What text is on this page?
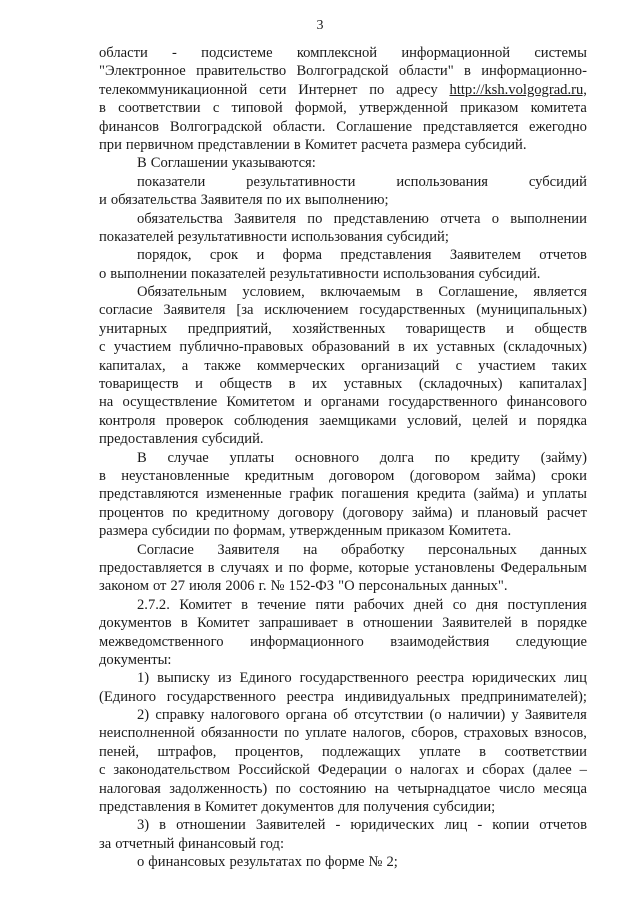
3
области - подсистеме комплексной информационной системы
"Электронное правительство Волгоградской области" в информационно-
телекоммуникационной сети Интернет по адресу http://ksh.volgograd.ru,
в соответствии с типовой формой, утвержденной приказом комитета
финансов Волгоградской области. Соглашение представляется ежегодно
при первичном представлении в Комитет расчета размера субсидий.
В Соглашении указываются:
показатели	результативности	использования	субсидий
и обязательства Заявителя по их выполнению;
обязательства Заявителя по представлению отчета о выполнении
показателей результативности использования субсидий;
порядок, срок и форма представления Заявителем отчетов
о выполнении показателей результативности использования субсидий.
Обязательным условием, включаемым в Соглашение, является
согласие Заявителя [за исключением государственных (муниципальных)
унитарных предприятий, хозяйственных товариществ и обществ
с участием публично-правовых образований в их уставных (складочных)
капиталах, а также коммерческих организаций с участием таких
товариществ и обществ в их уставных (складочных) капиталах]
на осуществление Комитетом и органами государственного финансового
контроля проверок соблюдения заемщиками условий, целей и порядка
предоставления субсидий.
В случае уплаты основного долга по кредиту (займу)
в неустановленные кредитным договором (договором займа) сроки
представляются измененные график погашения кредита (займа) и уплаты
процентов по кредитному договору (договору займа) и плановый расчет
размера субсидии по формам, утвержденным приказом Комитета.
Согласие Заявителя на обработку персональных данных
предоставляется в случаях и по форме, которые установлены Федеральным
законом от 27 июля 2006 г. № 152-ФЗ "О персональных данных".
2.7.2. Комитет в течение пяти рабочих дней со дня поступления
документов в Комитет запрашивает в отношении Заявителей в порядке
межведомственного информационного взаимодействия следующие
документы:
1) выписку из Единого государственного реестра юридических лиц
(Единого государственного реестра индивидуальных предпринимателей);
2) справку налогового органа об отсутствии (о наличии) у Заявителя
неисполненной обязанности по уплате налогов, сборов, страховых взносов,
пеней, штрафов, процентов, подлежащих уплате в соответствии
с законодательством Российской Федерации о налогах и сборах (далее –
налоговая задолженность) по состоянию на четырнадцатое число месяца
представления в Комитет документов для получения субсидии;
3) в отношении Заявителей - юридических лиц - копии отчетов
за отчетный финансовый год:
о финансовых результатах по форме № 2;
